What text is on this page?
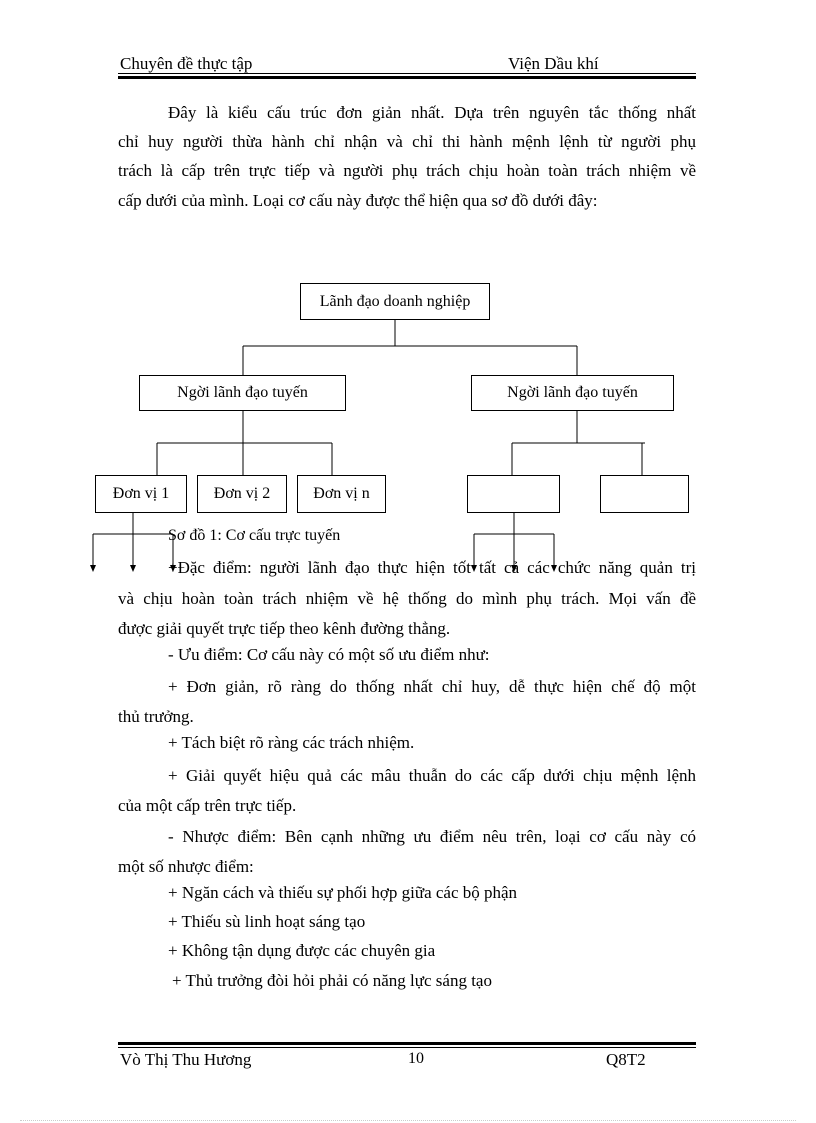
Chuyên đề thực tập	Viện Dầu khí
Đây là kiểu cấu trúc đơn giản nhất. Dựa trên nguyên tắc thống nhất
chỉ huy người thừa hành chỉ nhận và chỉ thi hành mệnh lệnh từ người phụ
trách là cấp trên trực tiếp và người phụ trách chịu hoàn toàn trách nhiệm về
cấp dưới của mình. Loại cơ cấu này được thể hiện qua sơ đồ dưới đây:
Lãnh đạo doanh nghiệp
Ngời lãnh đạo tuyến	Ngời lãnh đạo tuyến
Đơn vị 1	Đơn vị 2	Đơn vị n
Sơ đồ 1: Cơ cấu trực tuyến
+Đặc điểm: người lãnh đạo thực hiện tốt tất cả các chức năng quản trị
và chịu hoàn toàn trách nhiệm về hệ thống do mình phụ trách. Mọi vấn đề
được giải quyết trực tiếp theo kênh đường thẳng.
- Ưu điểm: Cơ cấu này có một số ưu điểm như:
+ Đơn giản, rõ ràng do thống nhất chỉ huy, dễ thực hiện chế độ một
thủ trưởng.
+ Tách biệt rõ ràng các trách nhiệm.
+ Giải quyết hiệu quả các mâu thuẫn do các cấp dưới chịu mệnh lệnh
của một cấp trên trực tiếp.
- Nhược điểm: Bên cạnh những ưu điểm nêu trên, loại cơ cấu này có
một số nhược điểm:
+ Ngăn cách và thiếu sự phối hợp giữa các bộ phận
+ Thiếu sù linh hoạt sáng tạo
+ Không tận dụng được các chuyên gia
+ Thủ trưởng đòi hỏi phải có năng lực sáng tạo
Vò Thị Thu Hương	10	Q8T2
